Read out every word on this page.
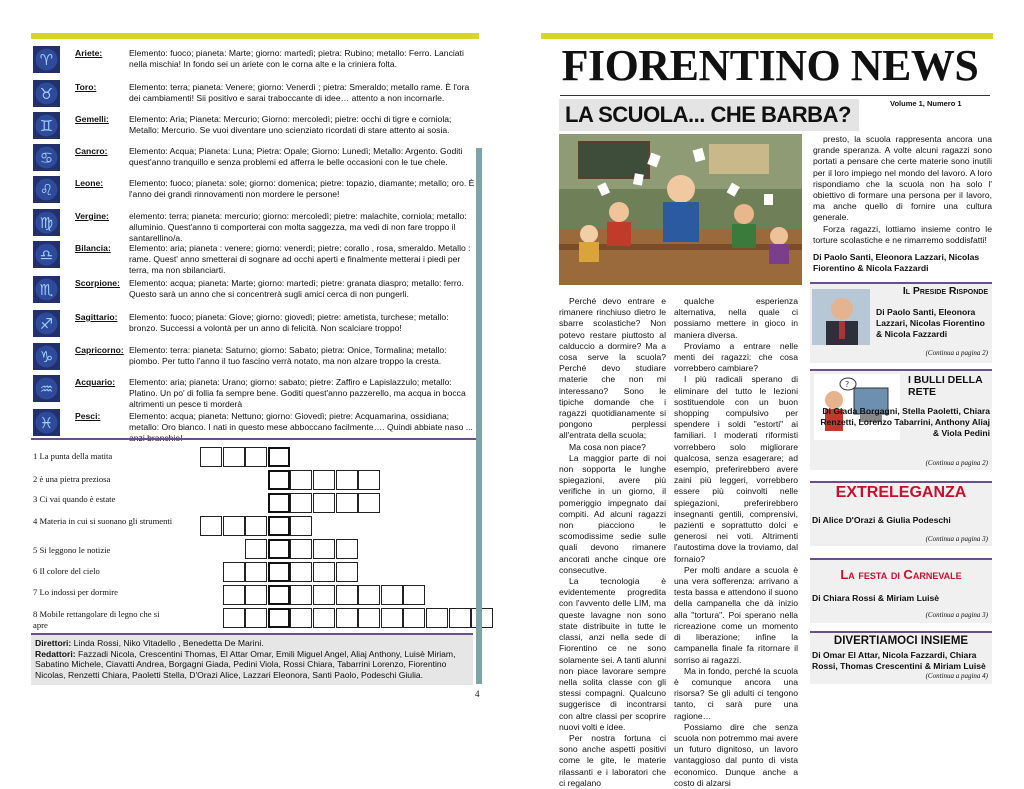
♈	Ariete:	Elemento: fuoco; pianeta: Marte; giorno: martedì; pietra: Rubino; metallo: Ferro. Lanciati nella mischia! In fondo sei un ariete con le corna alte e la criniera folta.
♉	Toro:	Elemento: terra; pianeta: Venere; giorno: Venerdì ; pietra: Smeraldo; metallo rame. È l'ora dei cambiamenti! Sii positivo e sarai traboccante di idee… attento a non incornarle.
♊	Gemelli: Elemento: Aria; Pianeta: Mercurio; Giorno: mercoledì; pietre: occhi di tigre e corniola; Metallo: Mercurio. Se vuoi diventare uno scienziato ricordati di stare attento ai sosia.
♋	Cancro:	Elemento: Acqua; Pianeta: Luna; Pietra: Opale; Giorno: Lunedì; Metallo: Argento. Goditi quest'anno tranquillo e senza problemi ed afferra le belle occasioni con le tue chele.
♌	Leone:	Elemento: fuoco; pianeta: sole; giorno: domenica; pietre: topazio, diamante; metallo; oro. È l'anno dei grandi rinnovamenti non mordere le persone!
♍	Vergine: elemento: terra; pianeta: mercurio; giorno: mercoledì; pietre: malachite, corniola; metallo: alluminio. Quest'anno ti comporterai con molta saggezza, ma vedi di non fare troppo il santarellino/a.
♎	Bilancia: Elemento: aria; pianeta : venere; giorno: venerdì; pietre: corallo , rosa, smeraldo. Metallo : rame. Quest' anno smetterai di sognare ad occhi aperti e finalmente metterai i piedi per terra, ma non sbilanciarti.
♏	Scorpione: Elemento: acqua; pianeta: Marte; giorno: martedì; pietre: granata diaspro; metallo: ferro. Questo sarà un anno che si concentrerà sugli amici cerca di non pungerli.
♐	Sagittario: Elemento: fuoco; pianeta: Giove; giorno: giovedì; pietre: ametista, turchese; metallo: bronzo. Successi a volontà per un anno di felicità. Non scalciare troppo!
♑	Capricorno: Elemento: terra: pianeta: Saturno; giorno: Sabato; pietra: Onice, Tormalina; metallo: piombo. Per tutto l'anno il tuo fascino verrà notato, ma non alzare troppo la cresta.
♒	Acquario: Elemento: aria; pianeta: Urano; giorno: sabato; pietre: Zaffiro e Lapislazzulo; metallo: Platino. Un po' di follia fa sempre bene. Goditi quest'anno pazzerello, ma acqua in bocca altrimenti un pesce ti morderà
♓	Pesci:	Elemento: acqua; pianeta: Nettuno; giorno: Giovedì; pietre: Acquamarina, ossidiana; metallo: Oro bianco. I nati in questo mese abboccano facilmente…. Quindi abbiate naso ...
1 La punta della matita
2 è una pietra preziosa
3 Ci vai quando è estate
4 Materia in cui si suonano gli strumenti
5 Si leggono le notizie
6 Il colore del cielo
7 Lo indossi per dormire
8 Mobile rettangolare di legno che si apre
Direttori: Linda Rossi, Niko Vitadello , Benedetta De Marini.
Redattori: Fazzadi Nicola, Crescentini Thomas, El Attar Omar, Emili Miguel Angel, Aliaj Anthony, Luisè Miriam, Sabatino Michele, Ciavatti Andrea, Borgagni Giada, Pedini Viola, Rossi Chiara, Tabarrini Lorenzo, Fiorentino Nicolas, Renzetti Chiara, Paoletti Stella, D'Orazi Alice, Lazzari Eleonora, Santi Paolo, Podeschi Giulia.
4
FIORENTINO NEWS
Volume 1, Numero 1
LA SCUOLA... CHE BARBA?

Perché devo entrare e rimanere rinchiuso dietro le sbarre scolastiche? Non potevo restare piuttosto al calduccio a dormire? Ma a cosa serve la scuola? Perché devo studiare materie che non mi interessano? Sono le tipiche domande che i ragazzi quotidianamente si pongono perplessi all'entrata della scuola;

Ma cosa non piace?

La maggior parte di noi non sopporta le lunghe spiegazioni, avere più verifiche in un giorno, il pomeriggio impegnato dai compiti. Ad alcuni ragazzi non piacciono le scomodissime sedie sulle quali devono rimanere ancorati anche cinque ore consecutive.

La tecnologia è evidentemente progredita con l'avvento delle LIM, ma queste lavagne non sono state distribuite in tutte le classi, anzi nella sede di Fiorentino ce ne sono solamente sei. A tanti alunni non piace lavorare sempre nella solita classe con gli stessi compagni. Qualcuno suggerisce di incontrarsi con altre classi per scoprire nuovi volti e idee.

Per nostra fortuna ci sono anche aspetti positivi come le gite, le materie rilassanti e i laboratori che ci regalano

qualche esperienza alternativa, nella quale ci possiamo mettere in gioco in maniera diversa.

Proviamo a entrare nelle menti dei ragazzi: che cosa vorrebbero cambiare?

I più radicali sperano di eliminare del tutto le lezioni sostituendole con un buon shopping compulsivo per spendere i soldi "estorti" ai familiari. I moderati riformisti vorrebbero solo migliorare qualcosa, senza esagerare; ad esempio, preferirebbero avere zaini più leggeri, vorrebbero essere più coinvolti nelle spiegazioni, preferirebbero insegnanti gentili, comprensivi, pazienti e soprattutto dolci e generosi nei voti. Altrimenti l'autostima dove la troviamo, dal fornaio?

Per molti andare a scuola è una vera sofferenza: arrivano a testa bassa e attendono il suono della campanella che dà inizio alla "tortura". Poi sperano nella ricreazione come un momento di liberazione; infine la campanella finale fa ritornare il sorriso ai ragazzi.

Ma in fondo, perché la scuola è comunque ancora una risorsa? Se gli adulti ci tengono tanto, ci sarà pure una ragione…

Possiamo dire che senza scuola non potremmo mai avere un futuro dignitoso, un lavoro vantaggioso dal punto di vista economico. Dunque anche a costo di alzarsi

presto, la scuola rappresenta ancora una grande speranza. A volte alcuni ragazzi sono portati a pensare che certe materie sono inutili per il loro impiego nel mondo del lavoro. A loro rispondiamo che la scuola non ha solo l' obiettivo di formare una persona per il lavoro, ma anche quello di fornire una cultura generale.

Forza ragazzi, lottiamo insieme contro le torture scolastiche e ne rimarremo soddisfatti!

Di Paolo Santi, Eleonora Lazzari, Nicolas Fiorentino & Nicola Fazzardi

Il Preside Risponde
Di Paolo Santi, Eleonora Lazzari, Nicolas Fiorentino & Nicola Fazzardi
(Continua a pagina 2)
?	I BULLI DELLA RETE
Di Giada Borgagni, Stella Paoletti, Chiara Renzetti, Lorenzo Tabarrini, Anthony Aliaj & Viola Pedini
(Continua a pagina 2)
EXTRELEGANZA
Di Alice D'Orazi & Giulia Podeschi
(Continua a pagina 3)
La festa di Carnevale
Di Chiara Rossi & Miriam Luisè
(Continua a pagina 3)
DIVERTIAMOCI INSIEME
Di Omar El Attar, Nicola Fazzardi, Chiara Rossi, Thomas Crescentini & Miriam Luisè
(Continua a pagina 4)
